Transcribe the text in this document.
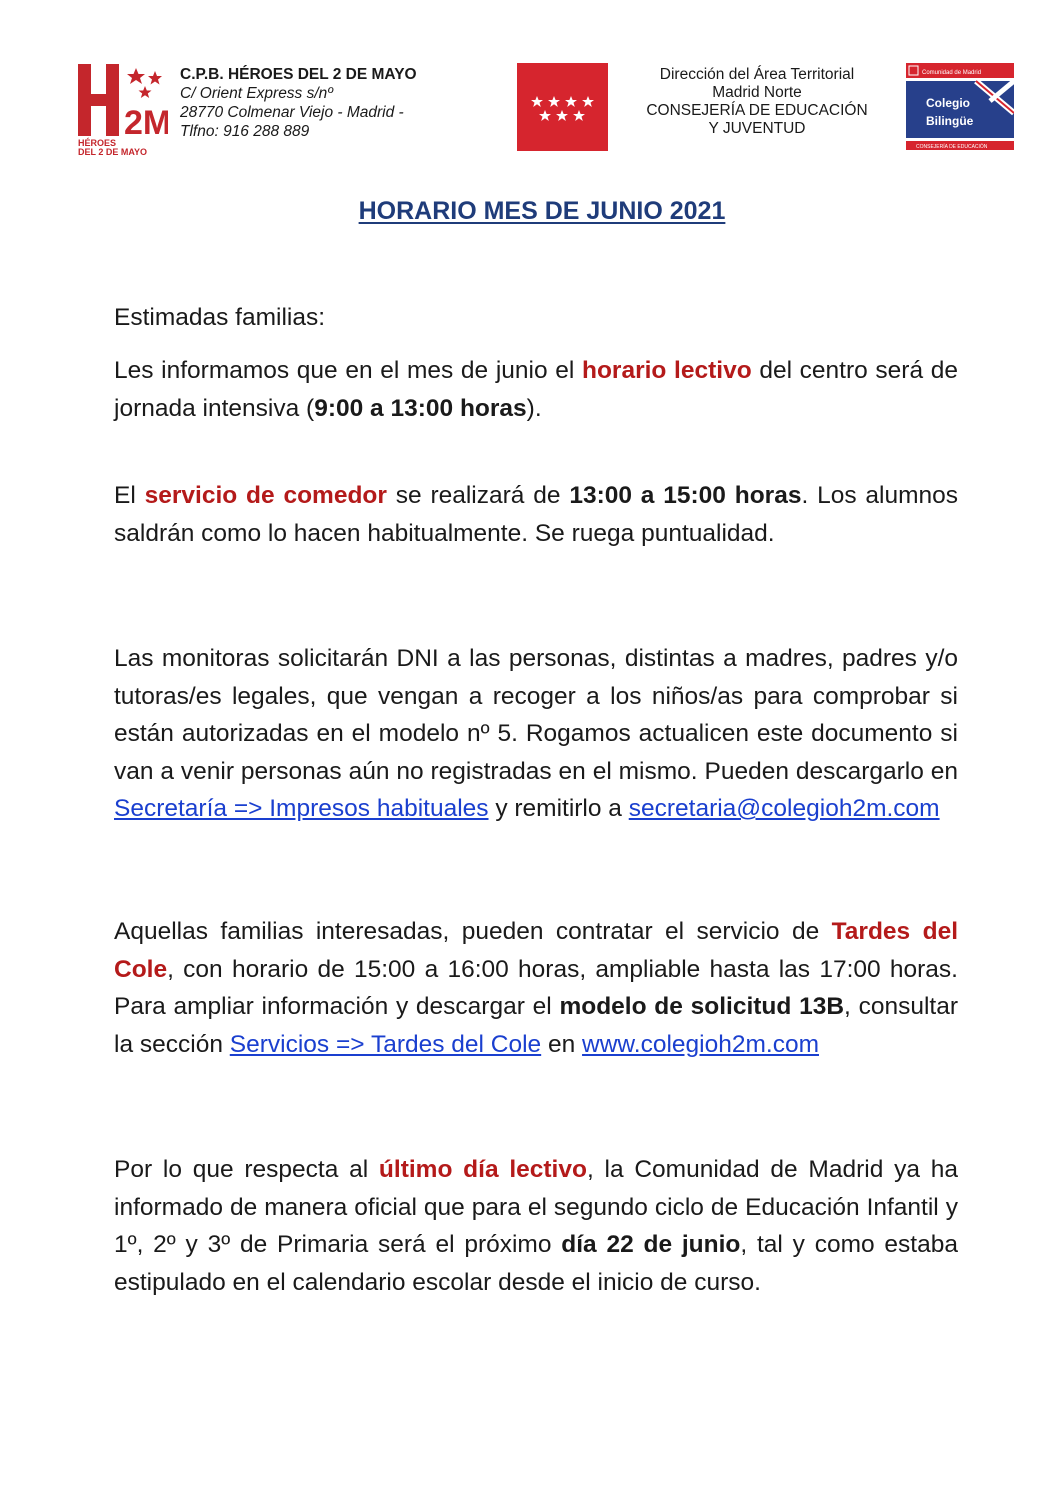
2M
HÉROES
DEL 2 DE MAYO
C.P.B. HÉROES DEL 2 DE MAYO
C/ Orient Express s/nº
28770 Colmenar Viejo - Madrid -
Tlfno: 916 288 889
Dirección del Área Territorial
Madrid Norte
CONSEJERÍA DE EDUCACIÓN
Y JUVENTUD
Comunidad de Madrid
Colegio
Bilingüe
CONSEJERÍA DE EDUCACIÓN
HORARIO MES DE JUNIO 2021

Estimadas familias:

Les informamos que en el mes de junio el horario lectivo del centro será de jornada intensiva (9:00 a 13:00 horas).

El servicio de comedor se realizará de 13:00 a 15:00 horas. Los alumnos saldrán como lo hacen habitualmente. Se ruega puntualidad.

Las monitoras solicitarán DNI a las personas, distintas a madres, padres y/o tutoras/es legales, que vengan a recoger a los niños/as para comprobar si están autorizadas en el modelo nº 5. Rogamos actualicen este documento si van a venir personas aún no registradas en el mismo. Pueden descargarlo en Secretaría => Impresos habituales y remitirlo a secretaria@colegioh2m.com

Aquellas familias interesadas, pueden contratar el servicio de Tardes del Cole, con horario de 15:00 a 16:00 horas, ampliable hasta las 17:00 horas. Para ampliar información y descargar el modelo de solicitud 13B, consultar la sección Servicios => Tardes del Cole en www.colegioh2m.com

Por lo que respecta al último día lectivo, la Comunidad de Madrid ya ha informado de manera oficial que para el segundo ciclo de Educación Infantil y 1º, 2º y 3º de Primaria será el próximo día 22 de junio, tal y como estaba estipulado en el calendario escolar desde el inicio de curso.
